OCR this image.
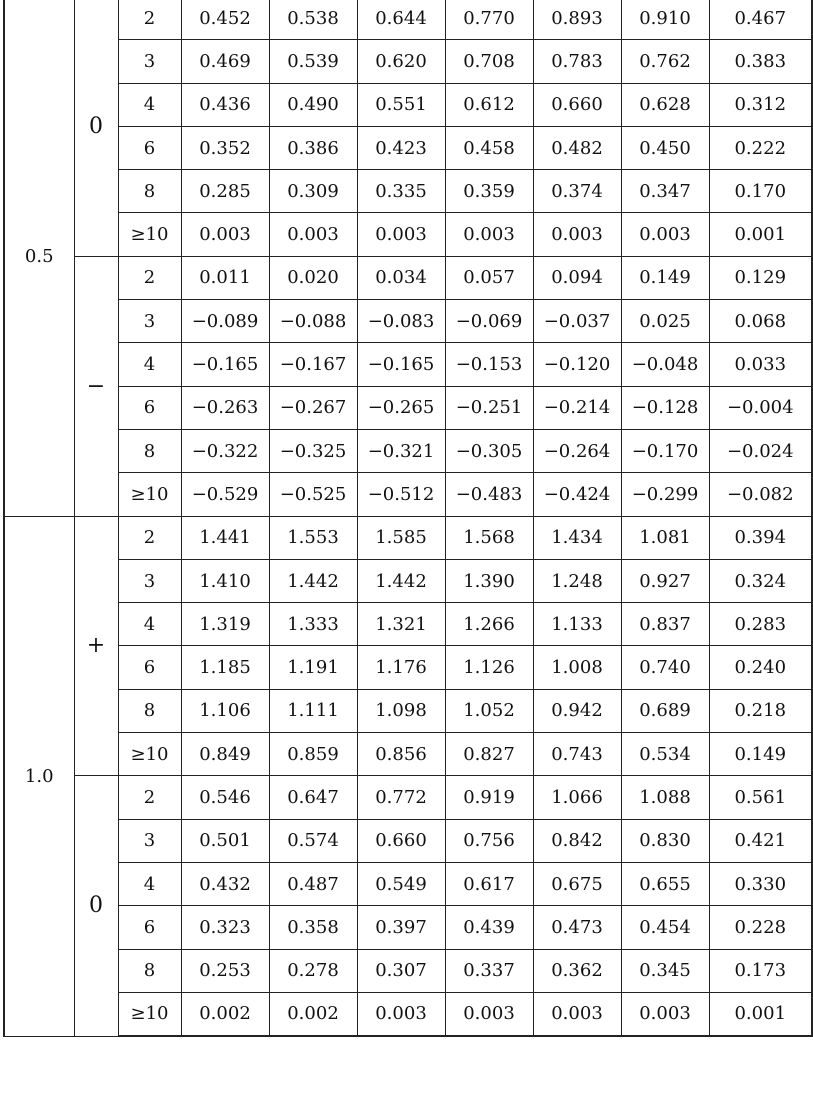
0.5	0	2	0.452	0.538	0.644	0.770	0.893	0.910	0.467
		3	0.469	0.539	0.620	0.708	0.783	0.762	0.383
		4	0.436	0.490	0.551	0.612	0.660	0.628	0.312
		6	0.352	0.386	0.423	0.458	0.482	0.450	0.222
		8	0.285	0.309	0.335	0.359	0.374	0.347	0.170
		≥10	0.003	0.003	0.003	0.003	0.003	0.003	0.001
	−	2	0.011	0.020	0.034	0.057	0.094	0.149	0.129
		3	−0.089	−0.088	−0.083	−0.069	−0.037	0.025	0.068
		4	−0.165	−0.167	−0.165	−0.153	−0.120	−0.048	0.033
		6	−0.263	−0.267	−0.265	−0.251	−0.214	−0.128	−0.004
		8	−0.322	−0.325	−0.321	−0.305	−0.264	−0.170	−0.024
		≥10	−0.529	−0.525	−0.512	−0.483	−0.424	−0.299	−0.082
1.0	+	2	1.441	1.553	1.585	1.568	1.434	1.081	0.394
		3	1.410	1.442	1.442	1.390	1.248	0.927	0.324
		4	1.319	1.333	1.321	1.266	1.133	0.837	0.283
		6	1.185	1.191	1.176	1.126	1.008	0.740	0.240
		8	1.106	1.111	1.098	1.052	0.942	0.689	0.218
		≥10	0.849	0.859	0.856	0.827	0.743	0.534	0.149
	0	2	0.546	0.647	0.772	0.919	1.066	1.088	0.561
		3	0.501	0.574	0.660	0.756	0.842	0.830	0.421
		4	0.432	0.487	0.549	0.617	0.675	0.655	0.330
		6	0.323	0.358	0.397	0.439	0.473	0.454	0.228
		8	0.253	0.278	0.307	0.337	0.362	0.345	0.173
		≥10	0.002	0.002	0.003	0.003	0.003	0.003	0.001
